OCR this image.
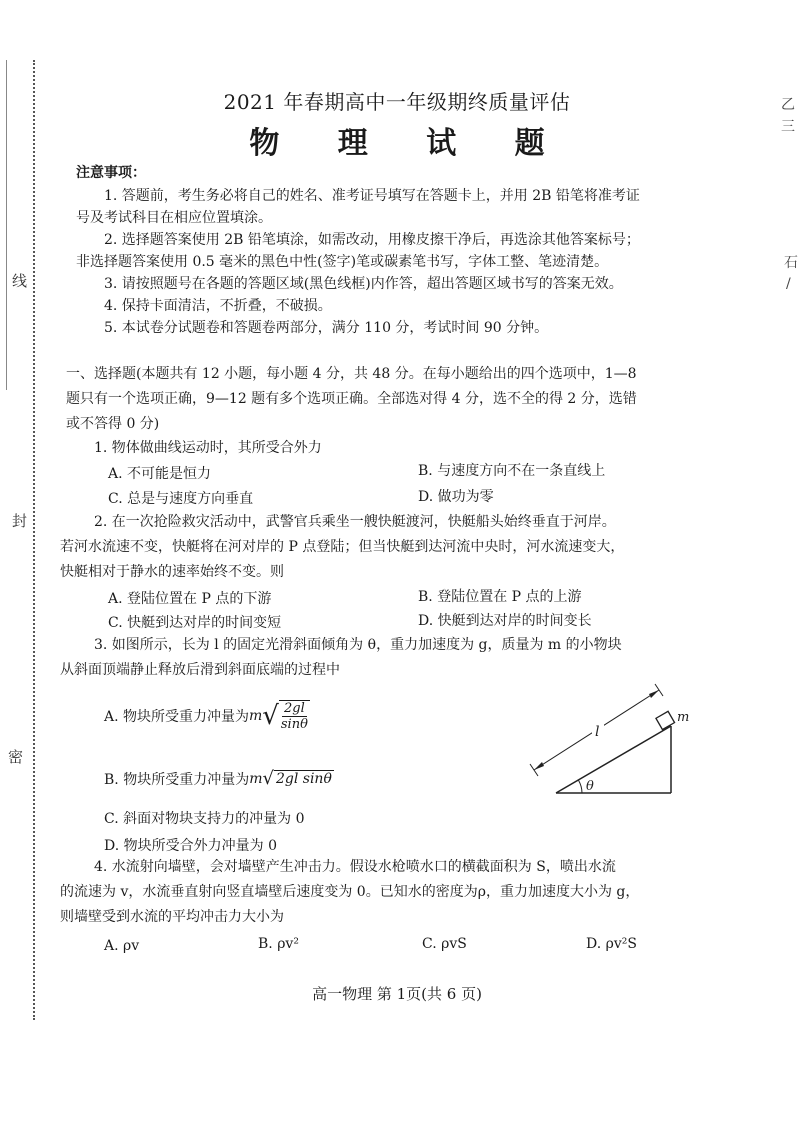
线
封
密
乙
三
石
/
2021 年春期高中一年级期终质量评估
物 理 试 题
注意事项：
1. 答题前，考生务必将自己的姓名、准考证号填写在答题卡上，并用 2B 铅笔将准考证
号及考试科目在相应位置填涂。
2. 选择题答案使用 2B 铅笔填涂，如需改动，用橡皮擦干净后，再选涂其他答案标号；
非选择题答案使用 0.5 毫米的黑色中性(签字)笔或碳素笔书写，字体工整、笔迹清楚。
3. 请按照题号在各题的答题区域(黑色线框)内作答，超出答题区域书写的答案无效。
4. 保持卡面清洁，不折叠，不破损。
5. 本试卷分试题卷和答题卷两部分，满分 110 分，考试时间 90 分钟。
一、选择题(本题共有 12 小题，每小题 4 分，共 48 分。在每小题给出的四个选项中，1—8
题只有一个选项正确，9—12 题有多个选项正确。全部选对得 4 分，选不全的得 2 分，选错
或不答得 0 分)
1. 物体做曲线运动时，其所受合外力
A. 不可能是恒力	B. 与速度方向不在一条直线上
C. 总是与速度方向垂直	D. 做功为零
2. 在一次抢险救灾活动中，武警官兵乘坐一艘快艇渡河，快艇船头始终垂直于河岸。
若河水流速不变，快艇将在河对岸的 P 点登陆；但当快艇到达河流中央时，河水流速变大，
快艇相对于静水的速率始终不变。则
A. 登陆位置在 P 点的下游	B. 登陆位置在 P 点的上游
C. 快艇到达对岸的时间变短	D. 快艇到达对岸的时间变长
3. 如图所示，长为 l 的固定光滑斜面倾角为 θ，重力加速度为 g，质量为 m 的小物块
从斜面顶端静止释放后滑到斜面底端的过程中
A. 物块所受重力冲量为 m √ $\frac{2gl}{\sin\theta}$
B. 物块所受重力冲量为 m √ 2gl sinθ
C. 斜面对物块支持力的冲量为 0
D. 物块所受合外力冲量为 0
l
m
θ
4. 水流射向墙壁，会对墙壁产生冲击力。假设水枪喷水口的横截面积为 S，喷出水流
的流速为 v，水流垂直射向竖直墙壁后速度变为 0。已知水的密度为ρ，重力加速度大小为 g，
则墙壁受到水流的平均冲击力大小为
A. ρv	B. ρv²	C. ρvS	D. ρv²S
高一物理 第 1页(共 6 页)
